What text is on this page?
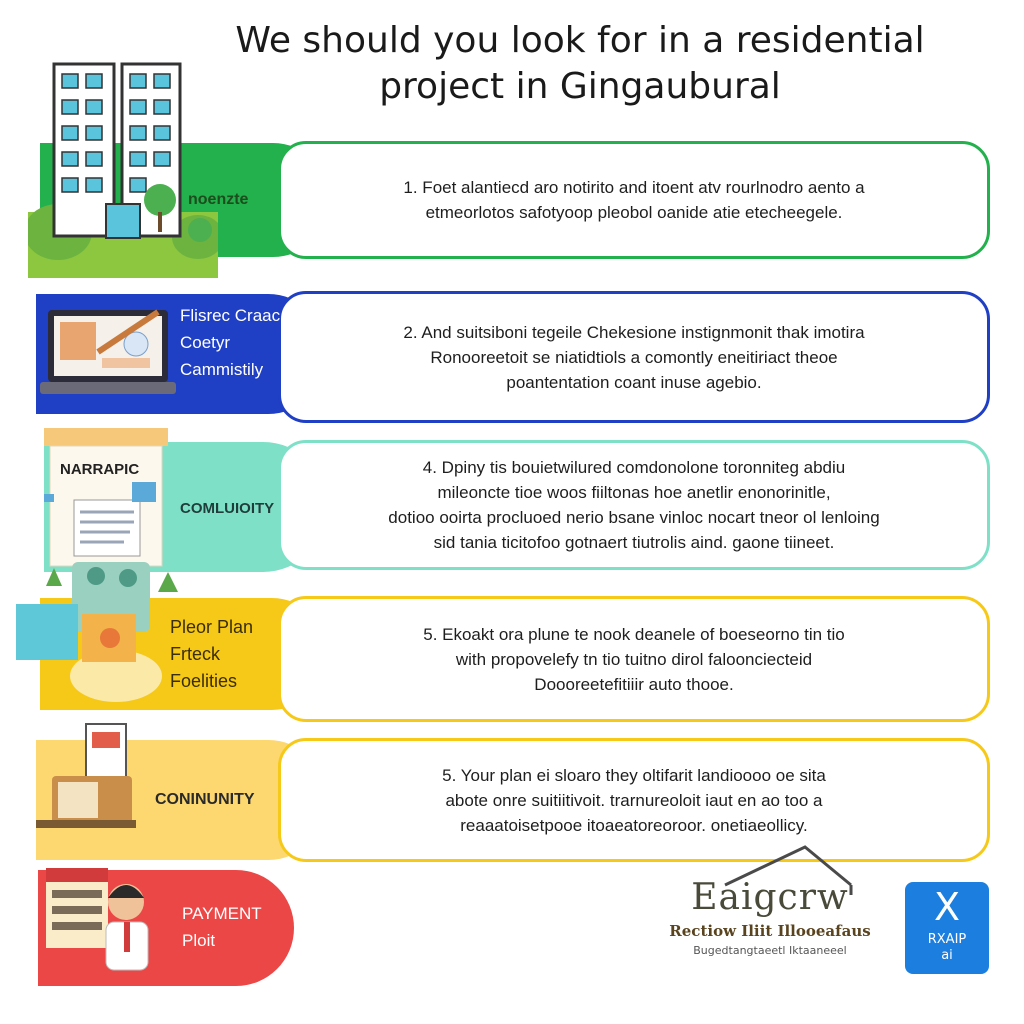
We should you look for in a residential
project in Gingaubural
1. Foet alantiecd aro notirito and itoent atv rourlnodro aento a
etmeorlotos safotyoop pleobol oanide atie etecheegele.
noenzte
2. And suitsiboni tegeile Chekesione instignmonit thak imotira
Ronooreetoit se niatidtiols a comontly eneitiriact theoe
poantentation coant inuse agebio.
Flisrec Craac.
Coetyr
Cammistily
4. Dpiny tis bouietwilured comdonolone toronniteg abdiu
mileoncte tioe woos fiiltonas hoe anetlir enonorinitle,
dotioo ooirta procluoed nerio bsane vinloc nocart tneor ol lenloing
sid tania ticitofoo gotnaert tiutrolis aind. gaone tiineet.
NARRAPIC
COMLUIOITY
5. Ekoakt ora plune te nook deanele of boeseorno tin tio
with propovelefy tn tio tuitno dirol faloonciecteid
Doooreetefitiiir auto thooe.
Pleor Plan
Frteck
Foelities
5. Your plan ei sloaro they oltifarit landioooo oe sita
abote onre suitiitivoit. trarnureoloit iaut en ao too a
reaaatoisetpooe itoaeatoreoroor. onetiaeollicy.
CONINUNITY
PAYMENT
Ploit
Eaigcrw
Rectiow Iliit Illooeafaus
Bugedtangtaeetl Iktaaneeel
X
RXAIP
ai
